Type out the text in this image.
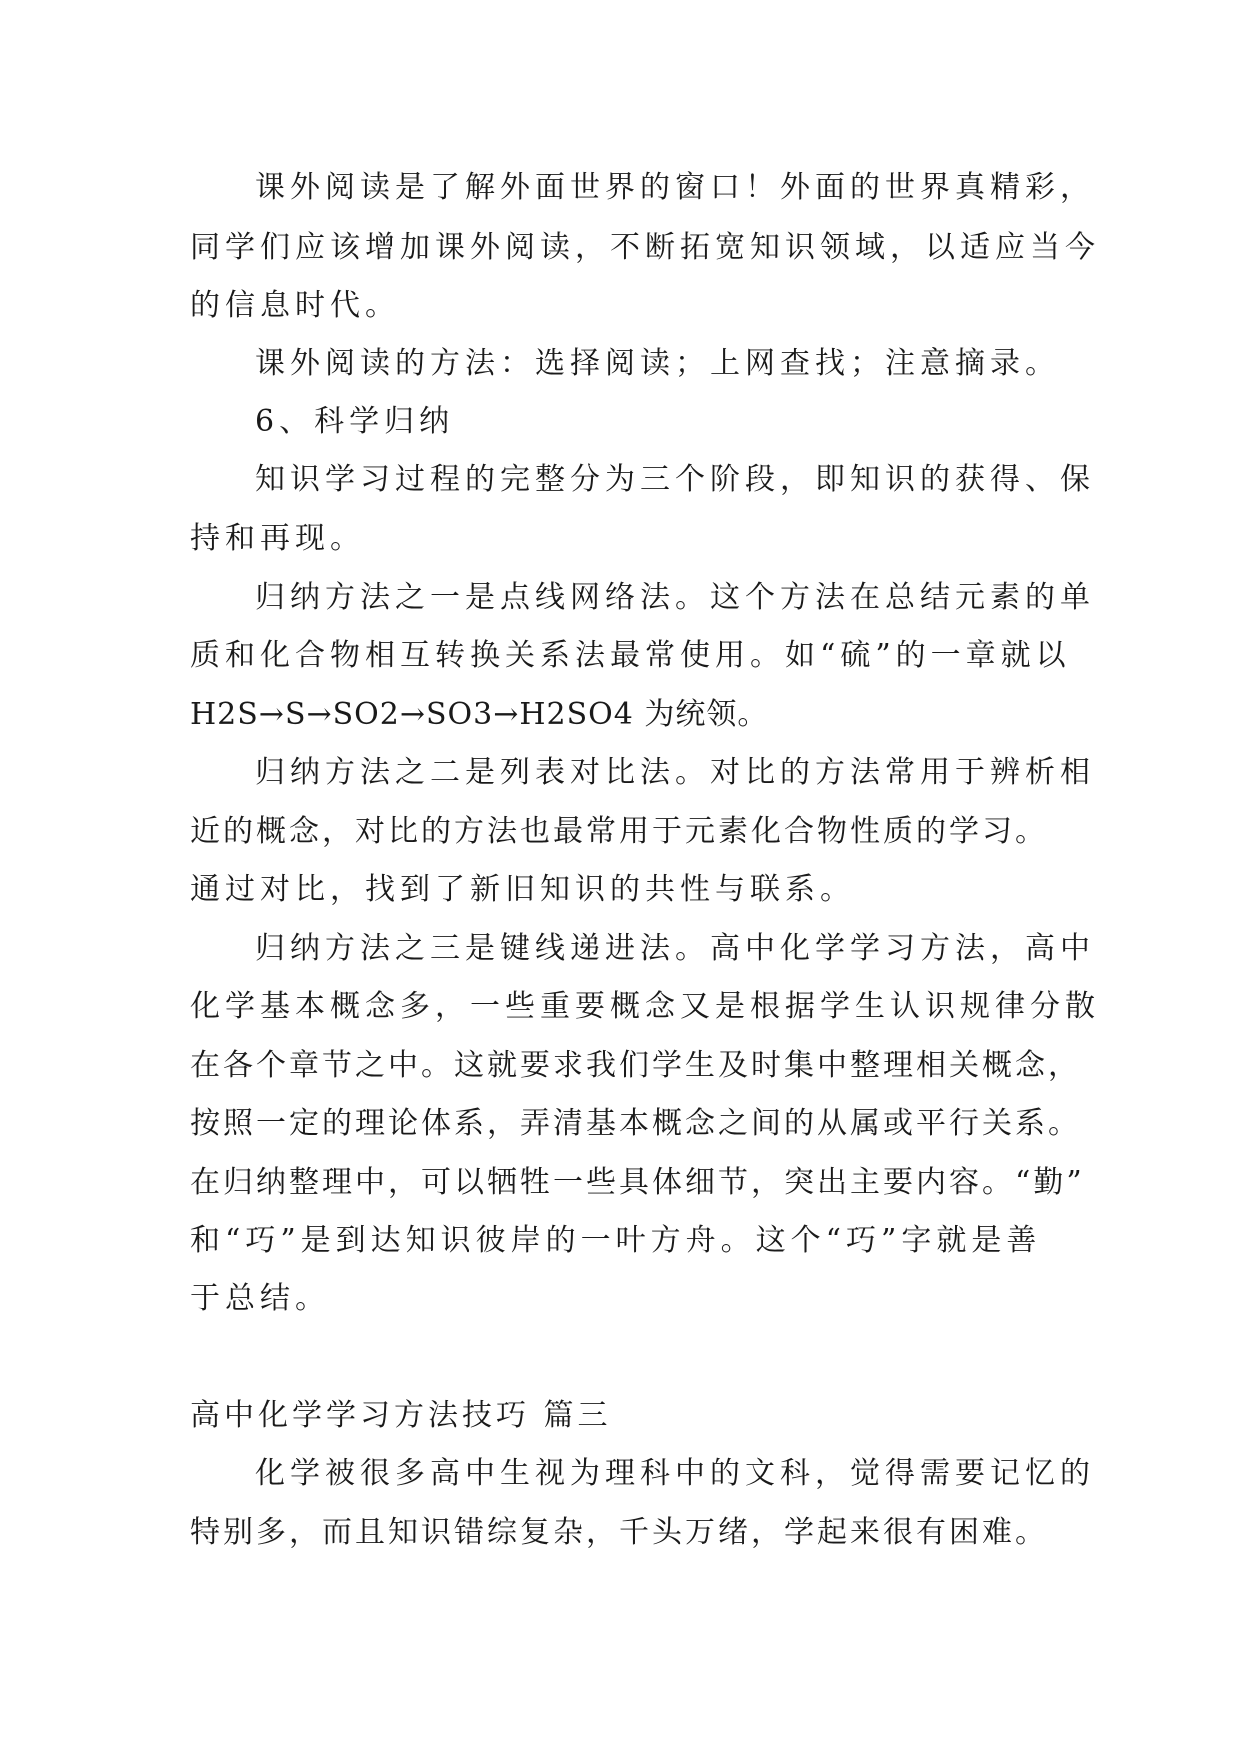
课外阅读是了解外面世界的窗口！外面的世界真精彩，
同学们应该增加课外阅读，不断拓宽知识领域，以适应当今
的信息时代。
课外阅读的方法：选择阅读；上网查找；注意摘录。
6、科学归纳
知识学习过程的完整分为三个阶段，即知识的获得、保
持和再现。
归纳方法之一是点线网络法。这个方法在总结元素的单
质和化合物相互转换关系法最常使用。如“硫”的一章就以
H2S→S→SO2→SO3→H2SO4 为统领。
归纳方法之二是列表对比法。对比的方法常用于辨析相
近的概念，对比的方法也最常用于元素化合物性质的学习。
通过对比，找到了新旧知识的共性与联系。
归纳方法之三是键线递进法。高中化学学习方法，高中
化学基本概念多，一些重要概念又是根据学生认识规律分散
在各个章节之中。这就要求我们学生及时集中整理相关概念，
按照一定的理论体系，弄清基本概念之间的从属或平行关系。
在归纳整理中，可以牺牲一些具体细节，突出主要内容。“勤”
和“巧”是到达知识彼岸的一叶方舟。这个“巧”字就是善
于总结。
高中化学学习方法技巧 篇三
化学被很多高中生视为理科中的文科，觉得需要记忆的
特别多，而且知识错综复杂，千头万绪，学起来很有困难。
